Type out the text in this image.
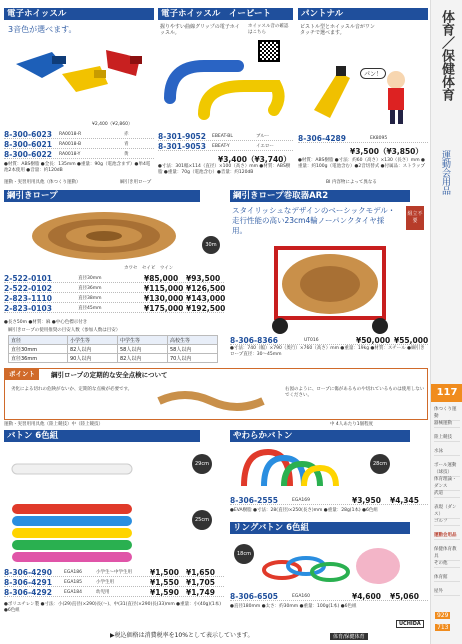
電子ホイッスル
3音色が選べます。
¥2,400（¥2,860）
8-300-6023 RA0018-R	赤
8-300-6021 RA0018-B	青
8-300-6022 RA0018-Y	黄
●材質：ABS樹脂 ●全長：135mm ●重量：90g（電池含まず）●単4電池2本使用 ●音量：約120dB
電子ホイッスル　イービート
握りやすい曲線グリップの電子ホイッスル。
ホイッスル音の確認はこちら
8-301-9052 EBEAT-BL	ブルー
8-301-9053 EBEAT-Y	イエロー
¥3,400（¥3,740）
●寸法：301幅×114（直径）×100（高さ）mm ●材質：ABS樹脂 ●重量：70g（電池含む）●音量：約120dB
パントナル
ピストル型とホイッスル音がワンタッチで選べます。
パン！
8-306-4289	EK8095
¥3,500（¥3,850）
●材質：ABS樹脂 ●寸法：約60（高さ）×130（長さ）mm ●重量：約100g（電池含む）●2音切替式 ●付属品：ストラップ
運動・実習用用具他（体つくり運動）	綱引き用ロープ
綱引きロープ
30m
カワセ　セイビ　ウイン
2-522-0101	直径30mm	¥85,000 ¥93,500
2-522-0102	直径36mm	¥115,000 ¥126,500
2-823-1110	直径38mm	¥130,000 ¥143,000
2-823-0103	直径45mm	¥175,000 ¥192,500
●長さ50m ●材質：麻 ●中心色標示付き
綱引きロープの使用推奨の目安人数（参加人数は目安）
直径	小学生等	中学生等	高校生等
直径30mm	82人以内	58人以内	58人以内
直径36mm	90人以内	82人以内	70人以内
BI 内容物によって異なる
綱引きロープ巻取器AR2
スタイリッシュなデザインのベーシックモデル・走行性能の高い23cm4輪ノーパンクタイヤ採用。
組立不要
8-306-8366	UT016	¥50,000 ¥55,000
●寸法：740（幅）×790（奥行）×760（高さ）mm ●重量：19kg ●材質：スチール ●綱引きロープ直径：30〜45mm
ポイント	綱引ロープの定期的な安全点検について
劣化による切れの危険がないか、定期的な点検が必要です。	右図のように、ロープに傷があるものや切れているものは使用しないでください。
運動・実習用用具他（陸上競技）中（陸上競技）
バトン 6色組
29cm
25cm
8-306-4290	EGA186	小学生〜中学生用 ¥1,500 ¥1,650
8-306-4291	EGA185	小学生用	¥1,550 ¥1,705
8-306-4292	EGA184	幼児用	¥1,590 ¥1,749
●ポリエチレン製 ●寸法：小(29)直径(×290)長(〜)、中(31)直径(×290)長(33)mm ●重量：小(40g)(1本) ●6色組
中 4人あたり1個程度
やわらかバトン
28cm
8-306-2555	EGA169	¥3,950 ¥4,345
●EVA樹脂 ●寸法：28(直径)×250(長さ)mm ●重量：28g(1本) ●6色組
リングバトン 6色組
18cm
8-306-6505	EGA160	¥4,600 ¥5,060
●直径180mm ●太さ：約30mm ●重量：100g(1本) ●6色組
▶税込価格は消費税率を10%として表示しています。	体育/保健体育
UCHIDA
体育／保健体育
運動会用品
117
体つくり運動
器械運動
陸上競技
水泳
ボール運動（球技）
体育理論・ダンス
武道
表現（ダンス）
ゴルフ
運動会用品
保健体育教具
その他
体育館
屋外
929
713
